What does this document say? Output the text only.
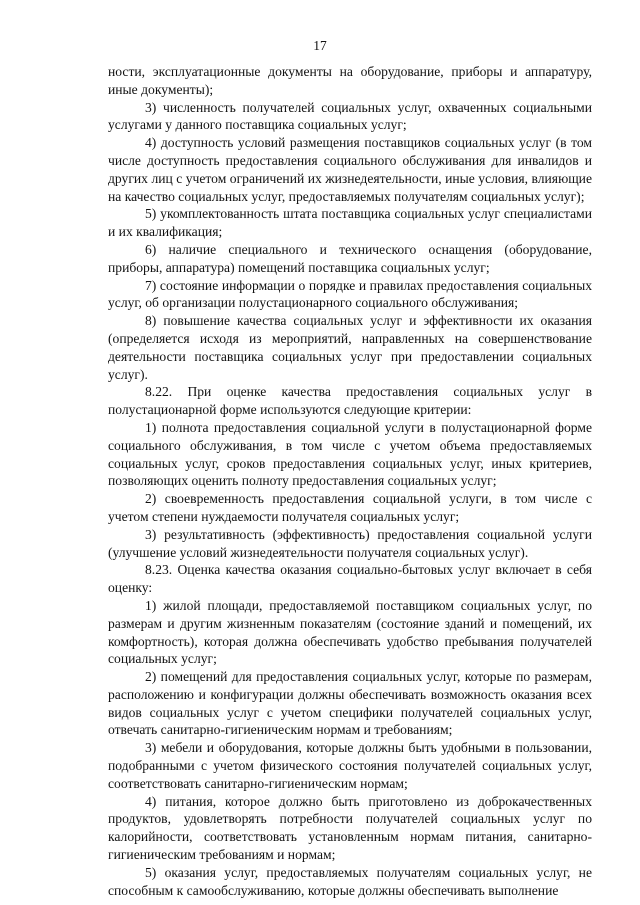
17

ности, эксплуатационные документы на оборудование, приборы и аппаратуру, иные документы);

3) численность получателей социальных услуг, охваченных социальными услугами у данного поставщика социальных услуг;

4) доступность условий размещения поставщиков социальных услуг (в том числе доступность предоставления социального обслуживания для инвалидов и других лиц с учетом ограничений их жизнедеятельности, иные условия, влияющие на качество социальных услуг, предоставляемых получателям социальных услуг);

5) укомплектованность штата поставщика социальных услуг специалистами и их квалификация;

6) наличие специального и технического оснащения (оборудование, приборы, аппаратура) помещений поставщика социальных услуг;

7) состояние информации о порядке и правилах предоставления социальных услуг, об организации полустационарного социального обслуживания;

8) повышение качества социальных услуг и эффективности их оказания (определяется исходя из мероприятий, направленных на совершенствование деятельности поставщика социальных услуг при предоставлении социальных услуг).

8.22. При оценке качества предоставления социальных услуг в полустационарной форме используются следующие критерии:

1) полнота предоставления социальной услуги в полустационарной форме социального обслуживания, в том числе с учетом объема предоставляемых социальных услуг, сроков предоставления социальных услуг, иных критериев, позволяющих оценить полноту предоставления социальных услуг;

2) своевременность предоставления социальной услуги, в том числе с учетом степени нуждаемости получателя социальных услуг;

3) результативность (эффективность) предоставления социальной услуги (улучшение условий жизнедеятельности получателя социальных услуг).

8.23. Оценка качества оказания социально-бытовых услуг включает в себя оценку:

1) жилой площади, предоставляемой поставщиком социальных услуг, по размерам и другим жизненным показателям (состояние зданий и помещений, их комфортность), которая должна обеспечивать удобство пребывания получателей социальных услуг;

2) помещений для предоставления социальных услуг, которые по размерам, расположению и конфигурации должны обеспечивать возможность оказания всех видов социальных услуг с учетом специфики получателей социальных услуг, отвечать санитарно-гигиеническим нормам и требованиям;

3) мебели и оборудования, которые должны быть удобными в пользовании, подобранными с учетом физического состояния получателей социальных услуг, соответствовать санитарно-гигиеническим нормам;

4) питания, которое должно быть приготовлено из доброкачественных продуктов, удовлетворять потребности получателей социальных услуг по калорийности, соответствовать установленным нормам питания, санитарно-гигиеническим требованиям и нормам;

5) оказания услуг, предоставляемых получателям социальных услуг, не способным к самообслуживанию, которые должны обеспечивать выполнение
